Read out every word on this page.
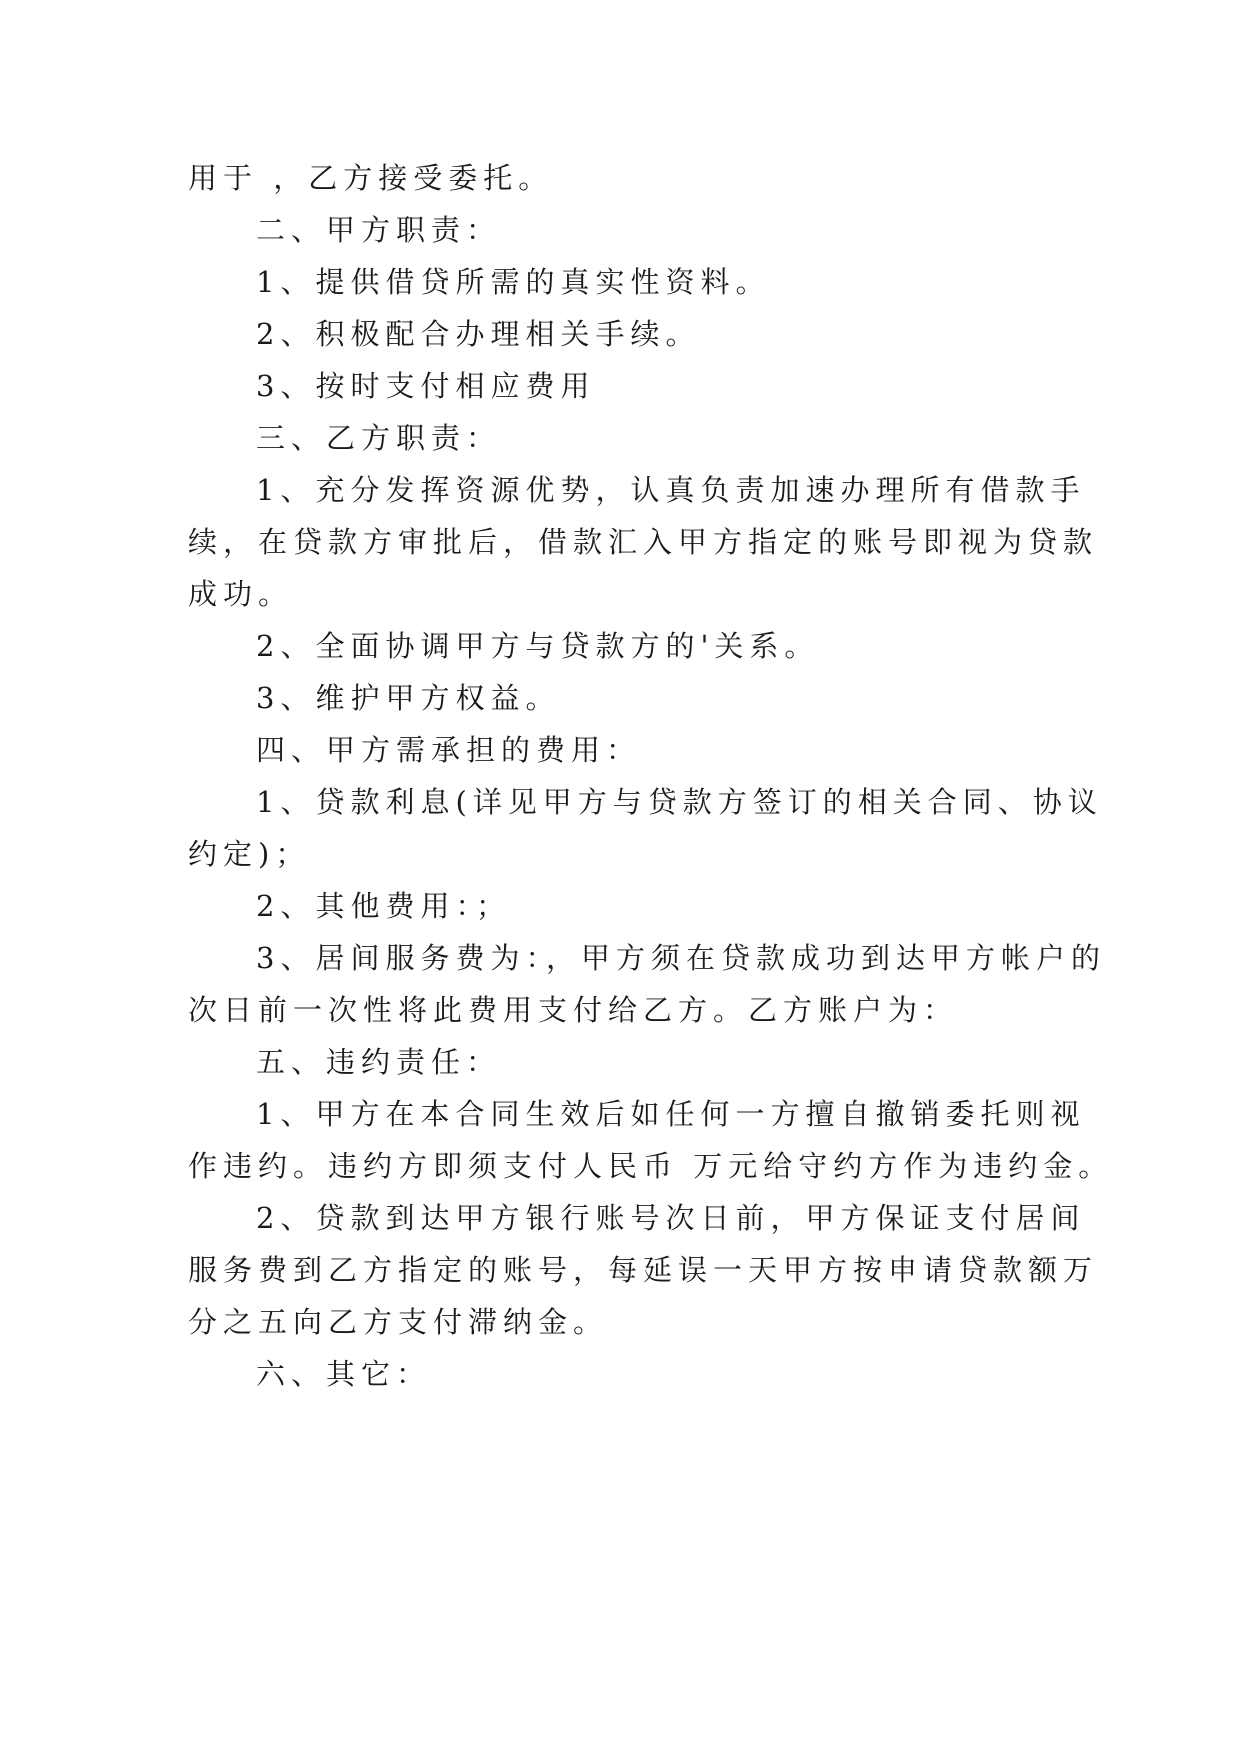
用于 ，乙方接受委托。
二、甲方职责：
1、提供借贷所需的真实性资料。
2、积极配合办理相关手续。
3、按时支付相应费用
三、乙方职责：
1、充分发挥资源优势，认真负责加速办理所有借款手
续，在贷款方审批后，借款汇入甲方指定的账号即视为贷款
成功。
2、全面协调甲方与贷款方的'关系。
3、维护甲方权益。
四、甲方需承担的费用：
1、贷款利息(详见甲方与贷款方签订的相关合同、协议
约定)；
2、其他费用：；
3、居间服务费为：，甲方须在贷款成功到达甲方帐户的
次日前一次性将此费用支付给乙方。乙方账户为：
五、违约责任：
1、甲方在本合同生效后如任何一方擅自撤销委托则视
作违约。违约方即须支付人民币 万元给守约方作为违约金。
2、贷款到达甲方银行账号次日前，甲方保证支付居间
服务费到乙方指定的账号，每延误一天甲方按申请贷款额万
分之五向乙方支付滞纳金。
六、其它：
